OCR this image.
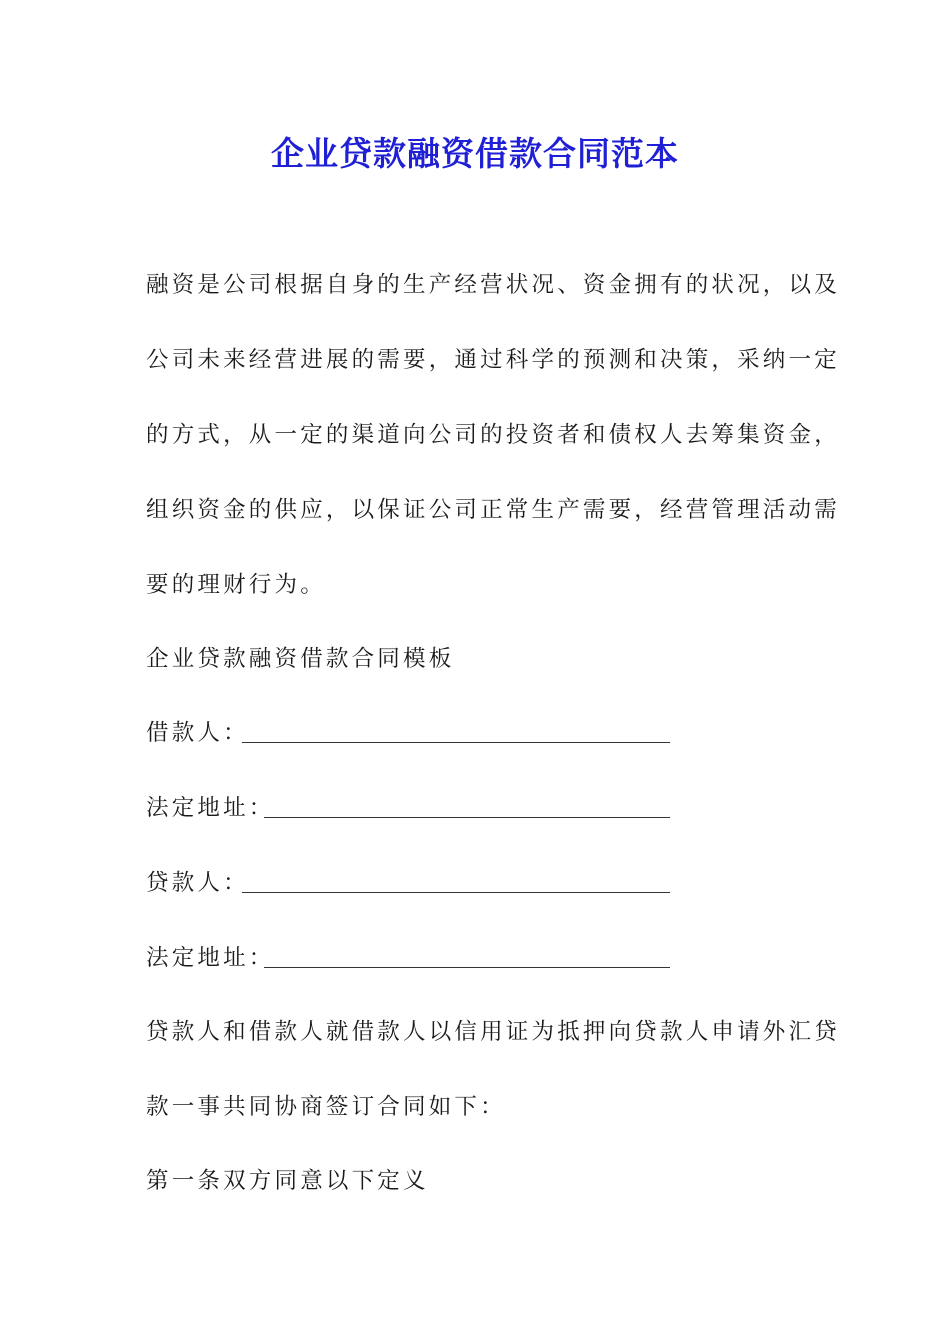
企业贷款融资借款合同范本
融资是公司根据自身的生产经营状况、资金拥有的状况，以及
公司未来经营进展的需要，通过科学的预测和决策，采纳一定
的方式，从一定的渠道向公司的投资者和债权人去筹集资金，
组织资金的供应，以保证公司正常生产需要，经营管理活动需
要的理财行为。
企业贷款融资借款合同模板
借款人：
法定地址：
贷款人：
法定地址：
贷款人和借款人就借款人以信用证为抵押向贷款人申请外汇贷
款一事共同协商签订合同如下：
第一条双方同意以下定义
